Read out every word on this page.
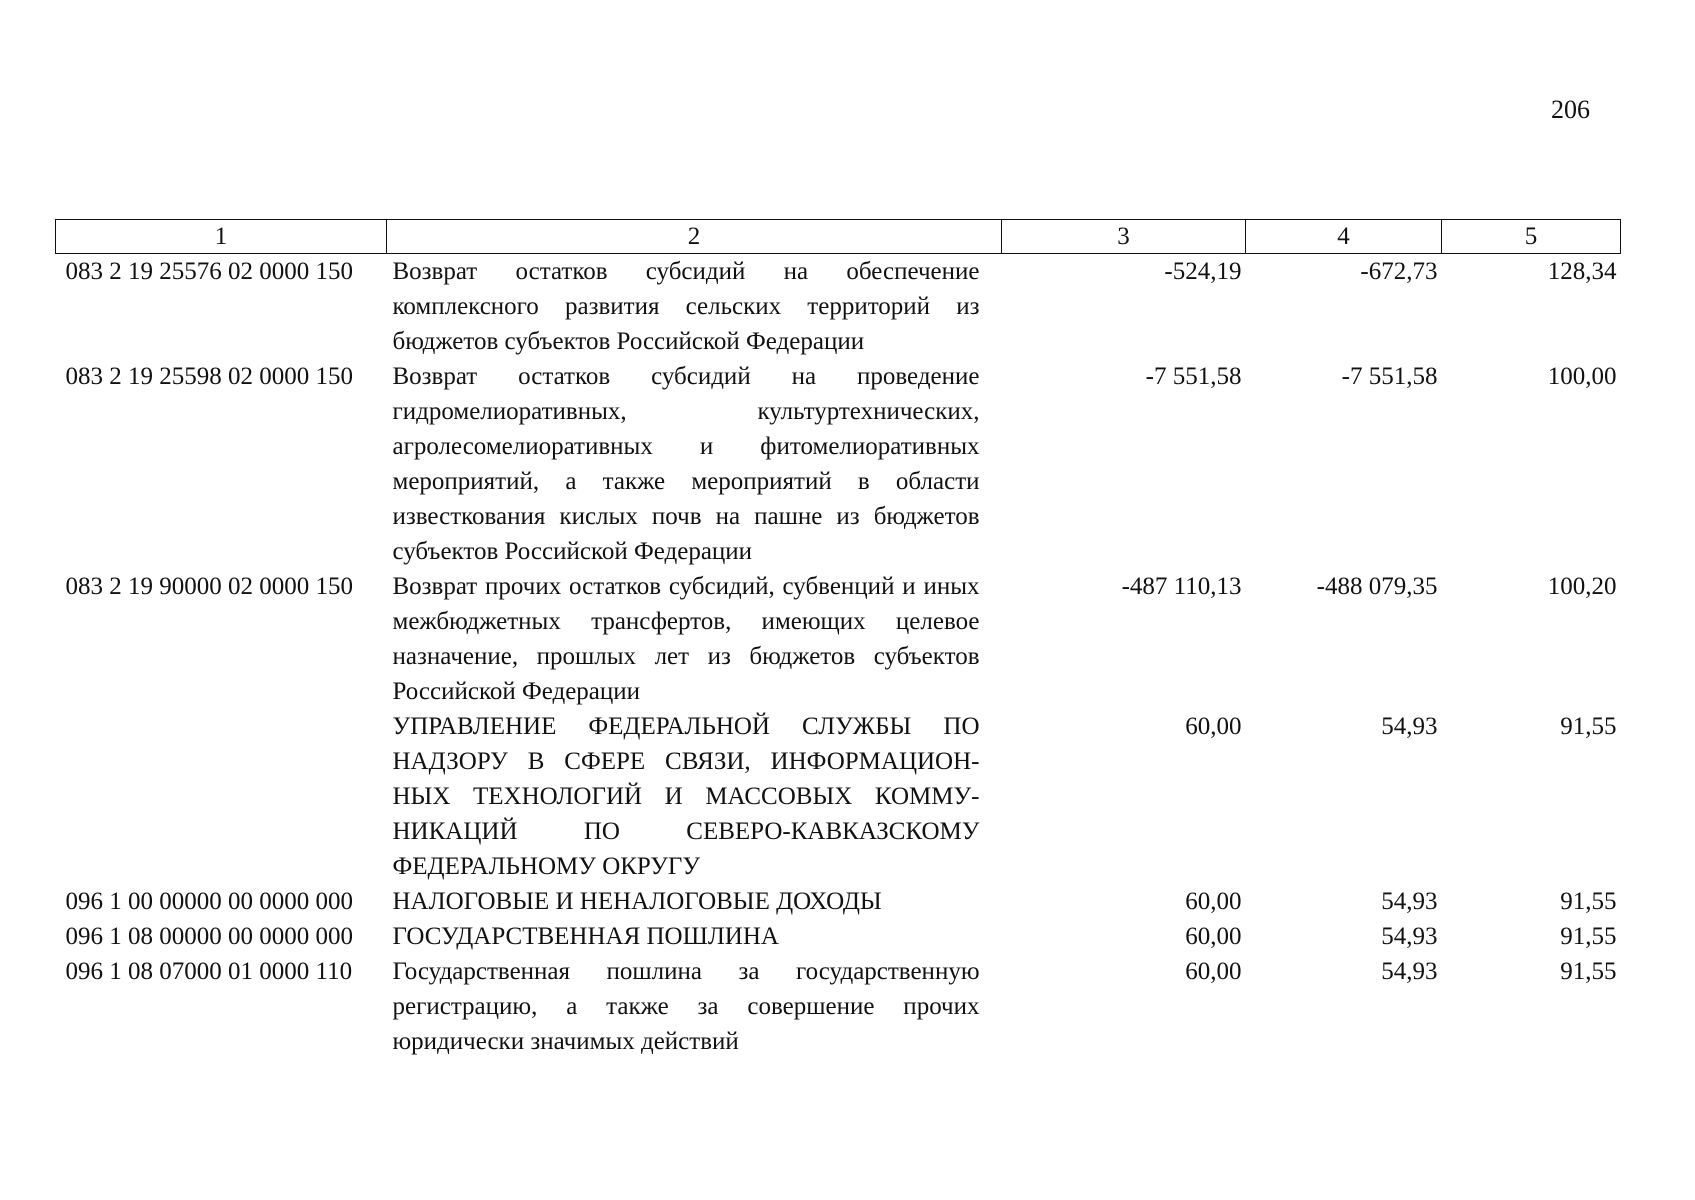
206
1	2	3	4	5
083 2 19 25576 02 0000 150	Возврат остатков субсидий на обеспечение комплексного развития сельских территорий из бюджетов субъектов Российской Федерации	-524,19	-672,73	128,34
083 2 19 25598 02 0000 150	Возврат остатков субсидий на проведение гидромелиоративных, культуртехнических, агролесомелиоративных и фитомелиоративных мероприятий, а также мероприятий в области известкования кислых почв на пашне из бюджетов субъектов Российской Федерации	-7 551,58	-7 551,58	100,00
083 2 19 90000 02 0000 150	Возврат прочих остатков субсидий, субвенций и иных межбюджетных трансфертов, имеющих целевое назначение, прошлых лет из бюджетов субъектов Российской Федерации	-487 110,13	-488 079,35	100,20
	УПРАВЛЕНИЕ ФЕДЕРАЛЬНОЙ СЛУЖБЫ ПО НАДЗОРУ В СФЕРЕ СВЯЗИ, ИНФОРМАЦИОН-НЫХ ТЕХНОЛОГИЙ И МАССОВЫХ КОММУ-НИКАЦИЙ ПО СЕВЕРО-КАВКАЗСКОМУ ФЕДЕРАЛЬНОМУ ОКРУГУ	60,00	54,93	91,55
096 1 00 00000 00 0000 000	НАЛОГОВЫЕ И НЕНАЛОГОВЫЕ ДОХОДЫ	60,00	54,93	91,55
096 1 08 00000 00 0000 000	ГОСУДАРСТВЕННАЯ ПОШЛИНА	60,00	54,93	91,55
096 1 08 07000 01 0000 110	Государственная пошлина за государственную регистрацию, а также за совершение прочих юридически значимых действий	60,00	54,93	91,55
